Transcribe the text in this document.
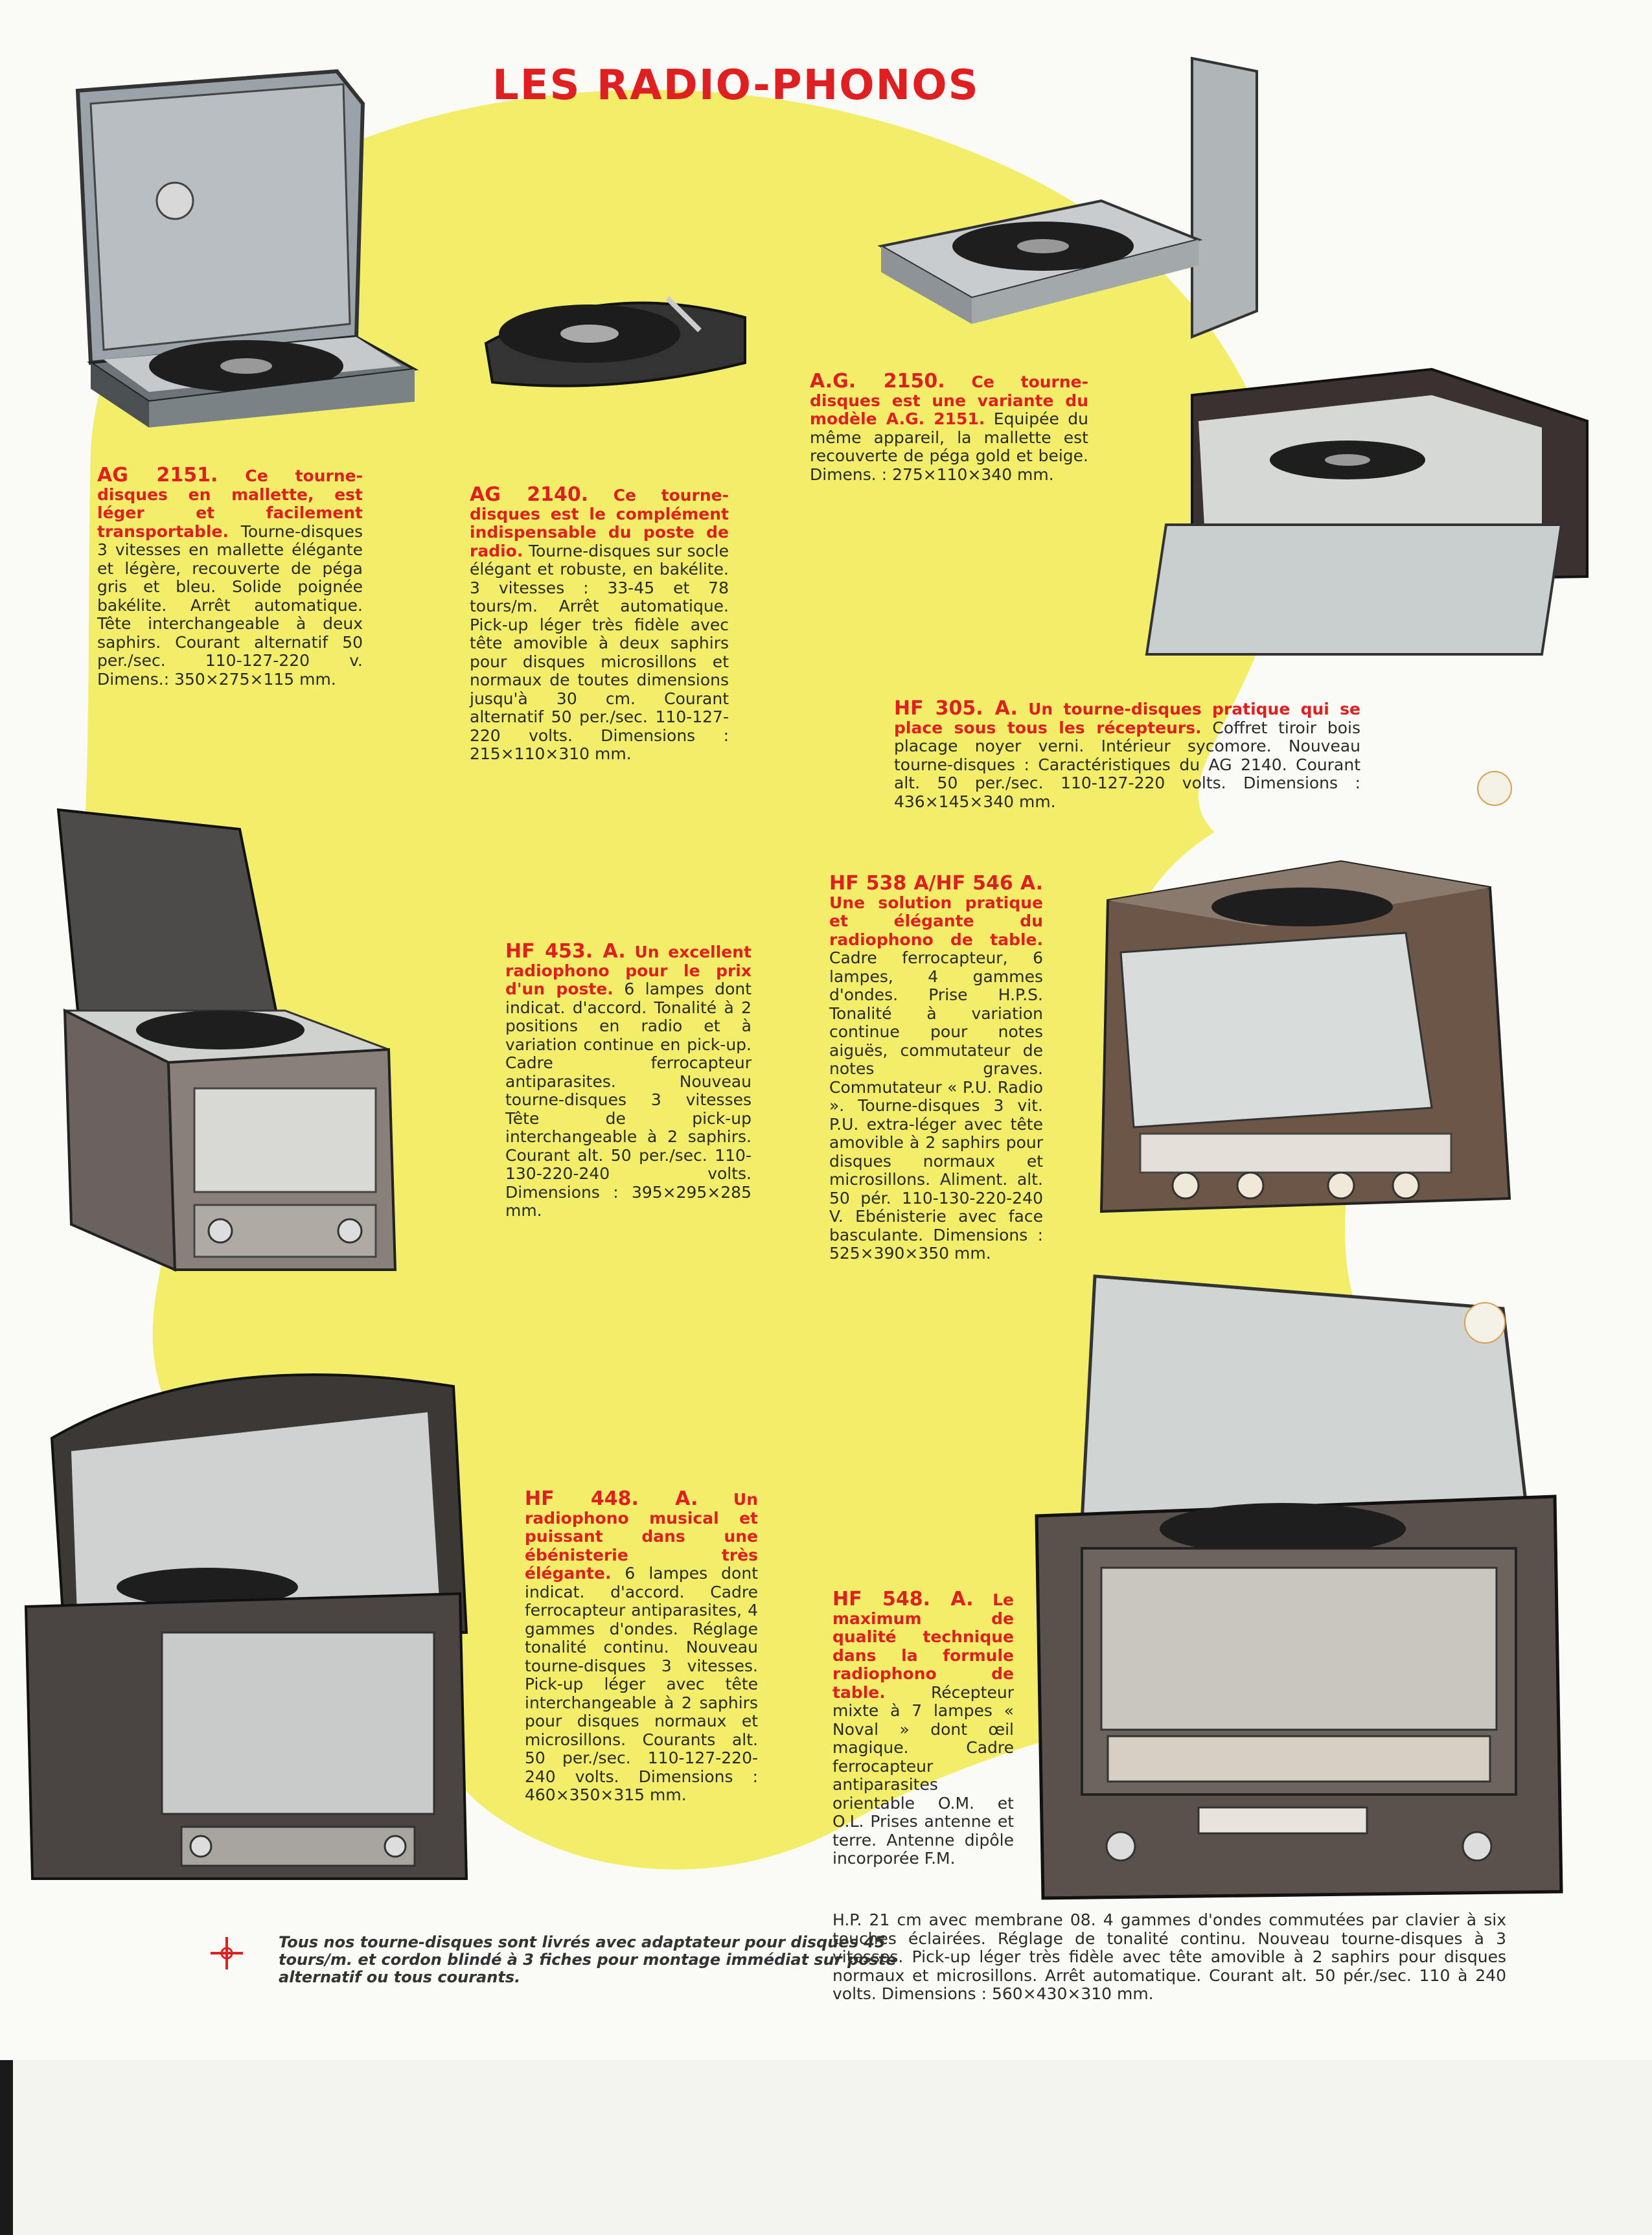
LES RADIO-PHONOS
AG 2151. Ce tourne-disques en mallette, est léger et facilement transportable. Tourne-disques 3 vitesses en mallette élégante et légère, recouverte de péga gris et bleu. Solide poignée bakélite. Arrêt automatique. Tête interchangeable à deux saphirs. Courant alternatif 50 per./sec. 110-127-220 v. Dimens.: 350×275×115 mm.
AG 2140. Ce tourne-disques est le complément indispensable du poste de radio. Tourne-disques sur socle élégant et robuste, en bakélite. 3 vitesses : 33-45 et 78 tours/m. Arrêt automatique. Pick-up léger très fidèle avec tête amovible à deux saphirs pour disques microsillons et normaux de toutes dimensions jusqu'à 30 cm. Courant alternatif 50 per./sec. 110-127-220 volts. Dimensions : 215×110×310 mm.
A.G. 2150. Ce tourne-disques est une variante du modèle A.G. 2151. Equipée du même appareil, la mallette est recouverte de péga gold et beige. Dimens. : 275×110×340 mm.
HF 305. A. Un tourne-disques pratique qui se place sous tous les récepteurs. Coffret tiroir bois placage noyer verni. Intérieur sycomore. Nouveau tourne-disques : Caractéristiques du AG 2140. Courant alt. 50 per./sec. 110-127-220 volts. Dimensions : 436×145×340 mm.
HF 453. A. Un excellent radiophono pour le prix d'un poste. 6 lampes dont indicat. d'accord. Tonalité à 2 positions en radio et à variation continue en pick-up. Cadre ferrocapteur antiparasites. Nouveau tourne-disques 3 vitesses Tête de pick-up interchangeable à 2 saphirs. Courant alt. 50 per./sec. 110-130-220-240 volts. Dimensions : 395×295×285 mm.
HF 538 A/HF 546 A. Une solution pratique et élégante du radiophono de table. Cadre ferrocapteur, 6 lampes, 4 gammes d'ondes. Prise H.P.S. Tonalité à variation continue pour notes aiguës, commutateur de notes graves. Commutateur « P.U. Radio ». Tourne-disques 3 vit. P.U. extra-léger avec tête amovible à 2 saphirs pour disques normaux et microsillons. Aliment. alt. 50 pér. 110-130-220-240 V. Ebénisterie avec face basculante. Dimensions : 525×390×350 mm.
HF 448. A. Un radiophono musical et puissant dans une ébénisterie très élégante. 6 lampes dont indicat. d'accord. Cadre ferrocapteur antiparasites, 4 gammes d'ondes. Réglage tonalité continu. Nouveau tourne-disques 3 vitesses. Pick-up léger avec tête interchangeable à 2 saphirs pour disques normaux et microsillons. Courants alt. 50 per./sec. 110-127-220-240 volts. Dimensions : 460×350×315 mm.
HF 548. A. Le maximum de qualité technique dans la formule radiophono de table. Récepteur mixte à 7 lampes « Noval » dont œil magique. Cadre ferrocapteur antiparasites orientable O.M. et O.L. Prises antenne et terre. Antenne dipôle incorporée F.M.
H.P. 21 cm avec membrane 08. 4 gammes d'ondes commutées par clavier à six touches éclairées. Réglage de tonalité continu. Nouveau tourne-disques à 3 vitesses. Pick-up léger très fidèle avec tête amovible à 2 saphirs pour disques normaux et microsillons. Arrêt automatique. Courant alt. 50 pér./sec. 110 à 240 volts. Dimensions : 560×430×310 mm.
Tous nos tourne-disques sont livrés avec adaptateur pour disques 45 tours/m. et cordon blindé à 3 fiches pour montage immédiat sur poste alternatif ou tous courants.
